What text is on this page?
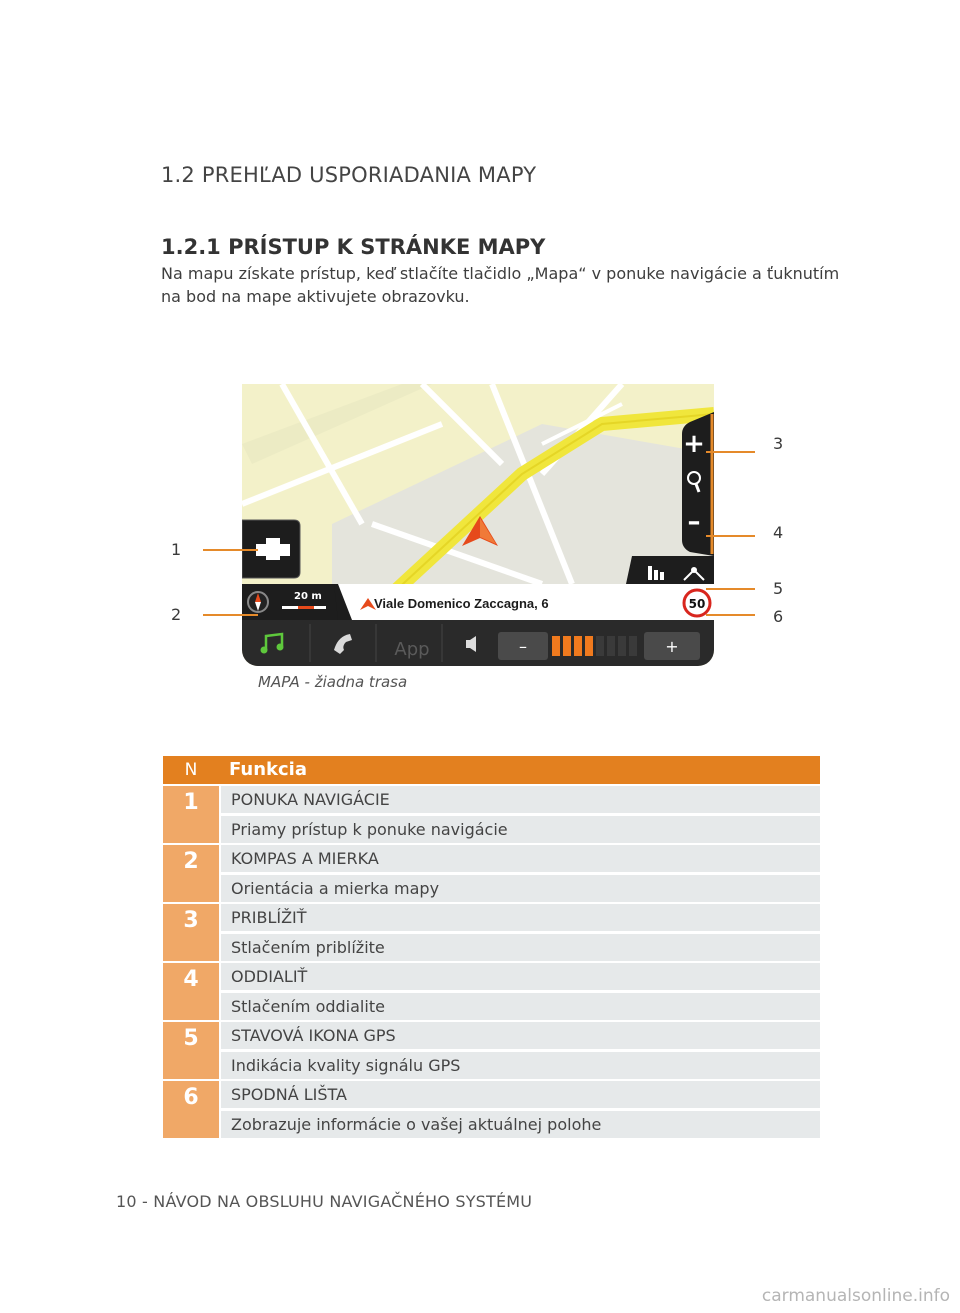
1.2 PREHĽAD USPORIADANIA MAPY
1.2.1 PRÍSTUP K STRÁNKE MAPY
Na mapu získate prístup, keď stlačíte tlačidlo „Mapa“ v ponuke navigácie a ťuknutím na bod na mape aktivujete obrazovku.
+
–
20 m	Viale Domenico Zaccagna, 6	50
App	–	+
1
2
3
4
5
6
MAPA - žiadna trasa
N	Funkcia
1	PONUKA NAVIGÁCIE
Priamy prístup k ponuke navigácie
2	KOMPAS A MIERKA
Orientácia a mierka mapy
3	PRIBLÍŽIŤ
Stlačením priblížite
4	ODDIALIŤ
Stlačením oddialite
5	STAVOVÁ IKONA GPS
Indikácia kvality signálu GPS
6	SPODNÁ LIŠTA
Zobrazuje informácie o vašej aktuálnej polohe
10 - NÁVOD NA OBSLUHU NAVIGAČNÉHO SYSTÉMU
carmanualsonline.info
